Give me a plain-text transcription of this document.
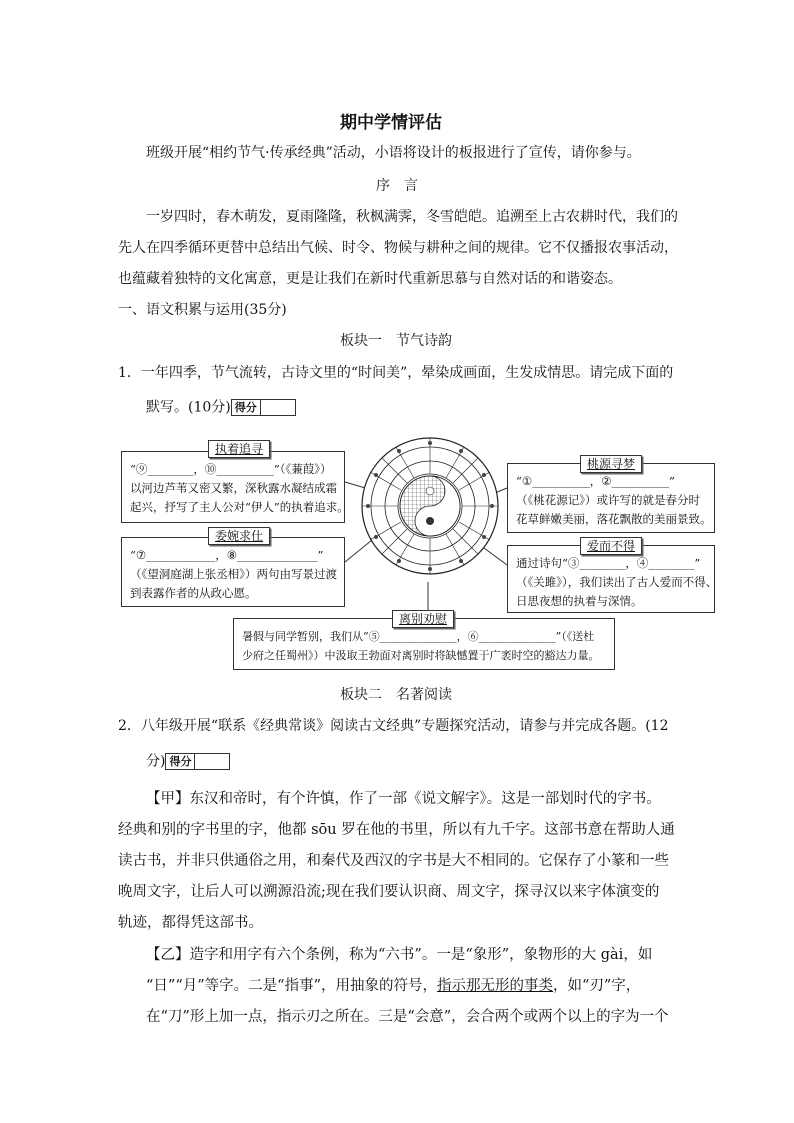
期中学情评估
班级开展“相约节气·传承经典”活动，小语将设计的板报进行了宣传，请你参与。
序　言
一岁四时，春木萌发，夏雨隆隆，秋枫满霁，冬雪皑皑。追溯至上古农耕时代，我们的
先人在四季循环更替中总结出气候、时令、物候与耕种之间的规律。它不仅播报农事活动，
也蕴藏着独特的文化寓意，更是让我们在新时代重新思慕与自然对话的和谐姿态。
一、语文积累与运用(35分)
板块一　节气诗韵
1．一年四季，节气流转，古诗文里的“时间美”，晕染成画面，生发成情思。请完成下面的
默写。(10分) 得分
“⑨________，⑩__________”（《蒹葭》）
以河边芦苇又密又繁，深秋露水凝结成霜
起兴，抒写了主人公对“伊人”的执着追求。
执着追寻
“⑦____________，⑧______________”
（《望洞庭湖上张丞相》）两句由写景过渡
到表露作者的从政心愿。
委婉求仕
“①__________，②__________”
（《桃花源记》）或许写的就是春分时
花草鲜嫩美丽，落花飘散的美丽景致。
桃源寻梦
通过诗句“③________，④________”
（《关雎》），我们读出了古人爱而不得、
日思夜想的执着与深情。
爱而不得
暑假与同学暂别，我们从“⑤______________，⑥______________”（《送杜
少府之任蜀州》）中汲取王勃面对离别时将缺憾置于广袤时空的豁达力量。
离别劝慰
板块二　名著阅读
2．八年级开展“联系《经典常谈》阅读古文经典”专题探究活动，请参与并完成各题。(12
分) 得分
【甲】东汉和帝时，有个许慎，作了一部《说文解字》。这是一部划时代的字书。
经典和别的字书里的字，他都 sōu 罗在他的书里，所以有九千字。这部书意在帮助人通
读古书，并非只供通俗之用，和秦代及西汉的字书是大不相同的。它保存了小篆和一些
晚周文字，让后人可以溯源沿流;现在我们要认识商、周文字，探寻汉以来字体演变的
轨迹，都得凭这部书。
【乙】造字和用字有六个条例，称为“六书”。一是“象形”，象物形的大 gài，如
“日”“月”等字。二是“指事”，用抽象的符号，指示那无形的事类，如“刃”字，
在“刀”形上加一点，指示刃之所在。三是“会意”，会合两个或两个以上的字为一个
